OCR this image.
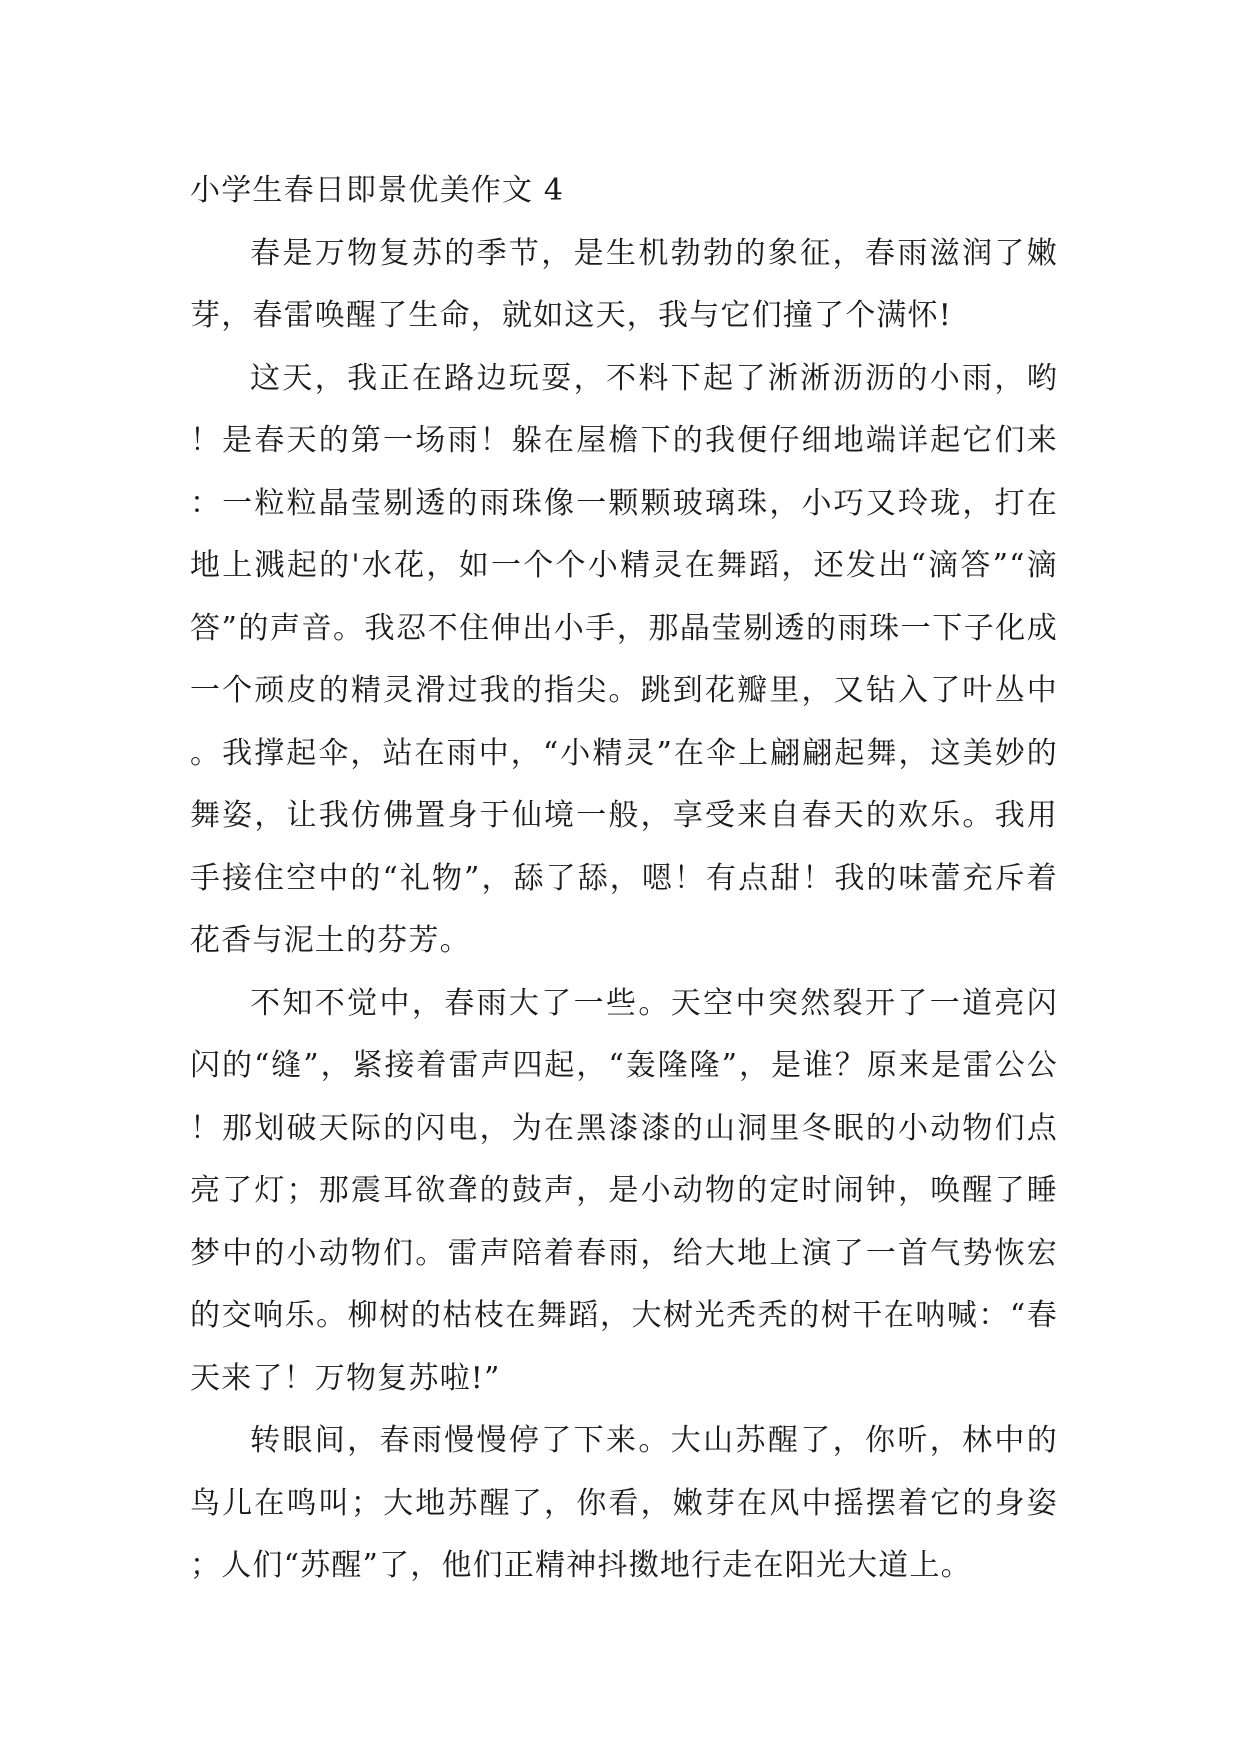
小学生春日即景优美作文 4

春是万物复苏的季节，是生机勃勃的象征，春雨滋润了嫩芽，春雷唤醒了生命，就如这天，我与它们撞了个满怀!

这天，我正在路边玩耍，不料下起了淅淅沥沥的小雨，哟！是春天的第一场雨！躲在屋檐下的我便仔细地端详起它们来：一粒粒晶莹剔透的雨珠像一颗颗玻璃珠，小巧又玲珑，打在地上溅起的'水花，如一个个小精灵在舞蹈，还发出“滴答”“滴答”的声音。我忍不住伸出小手，那晶莹剔透的雨珠一下子化成一个顽皮的精灵滑过我的指尖。跳到花瓣里，又钻入了叶丛中。我撑起伞，站在雨中，“小精灵”在伞上翩翩起舞，这美妙的舞姿，让我仿佛置身于仙境一般，享受来自春天的欢乐。我用手接住空中的“礼物”，舔了舔，嗯！有点甜！我的味蕾充斥着花香与泥土的芬芳。

不知不觉中，春雨大了一些。天空中突然裂开了一道亮闪闪的“缝”，紧接着雷声四起，“轰隆隆”，是谁？原来是雷公公！那划破天际的闪电，为在黑漆漆的山洞里冬眠的小动物们点亮了灯；那震耳欲聋的鼓声，是小动物的定时闹钟，唤醒了睡梦中的小动物们。雷声陪着春雨，给大地上演了一首气势恢宏的交响乐。柳树的枯枝在舞蹈，大树光秃秃的树干在呐喊：“春天来了！万物复苏啦!”

转眼间，春雨慢慢停了下来。大山苏醒了，你听，林中的鸟儿在鸣叫；大地苏醒了，你看，嫩芽在风中摇摆着它的身姿；人们“苏醒”了，他们正精神抖擞地行走在阳光大道上。
